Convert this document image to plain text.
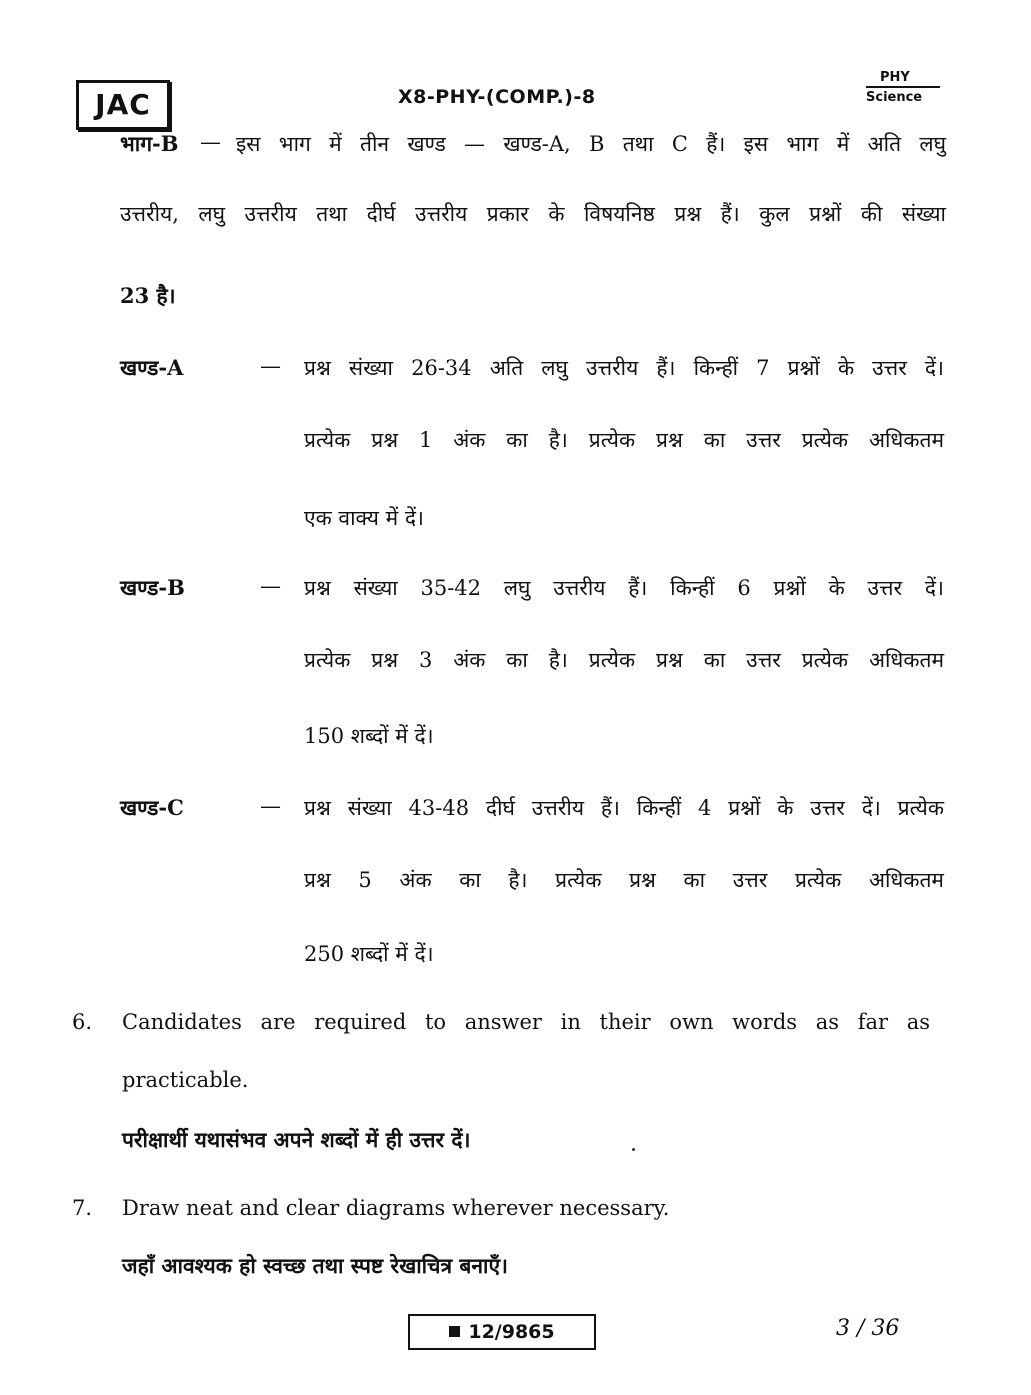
JAC	X8-PHY-(COMP.)-8
PHY
Science
भाग-B — इस भाग में तीन खण्ड — खण्ड-A, B तथा C हैं। इस भाग में अति लघु
उत्तरीय, लघु उत्तरीय तथा दीर्घ उत्तरीय प्रकार के विषयनिष्ठ प्रश्न हैं। कुल प्रश्नों की संख्या
23 है।
खण्ड-A	— प्रश्न संख्या 26-34 अति लघु उत्तरीय हैं। किन्हीं 7 प्रश्नों के उत्तर दें।
प्रत्येक प्रश्न 1 अंक का है। प्रत्येक प्रश्न का उत्तर प्रत्येक अधिकतम
एक वाक्य में दें।
खण्ड-B	— प्रश्न संख्या 35-42 लघु उत्तरीय हैं। किन्हीं 6 प्रश्नों के उत्तर दें।
प्रत्येक प्रश्न 3 अंक का है। प्रत्येक प्रश्न का उत्तर प्रत्येक अधिकतम
150 शब्दों में दें।
खण्ड-C	— प्रश्न संख्या 43-48 दीर्घ उत्तरीय हैं। किन्हीं 4 प्रश्नों के उत्तर दें। प्रत्येक
प्रश्न 5 अंक का है। प्रत्येक प्रश्न का उत्तर प्रत्येक अधिकतम
250 शब्दों में दें।
6. Candidates are required to answer in their own words as far as
practicable.
परीक्षार्थी यथासंभव अपने शब्दों में ही उत्तर दें।
7. Draw neat and clear diagrams wherever necessary.
जहाँ आवश्यक हो स्वच्छ तथा स्पष्ट रेखाचित्र बनाएँ।
12/9865	3 / 36
